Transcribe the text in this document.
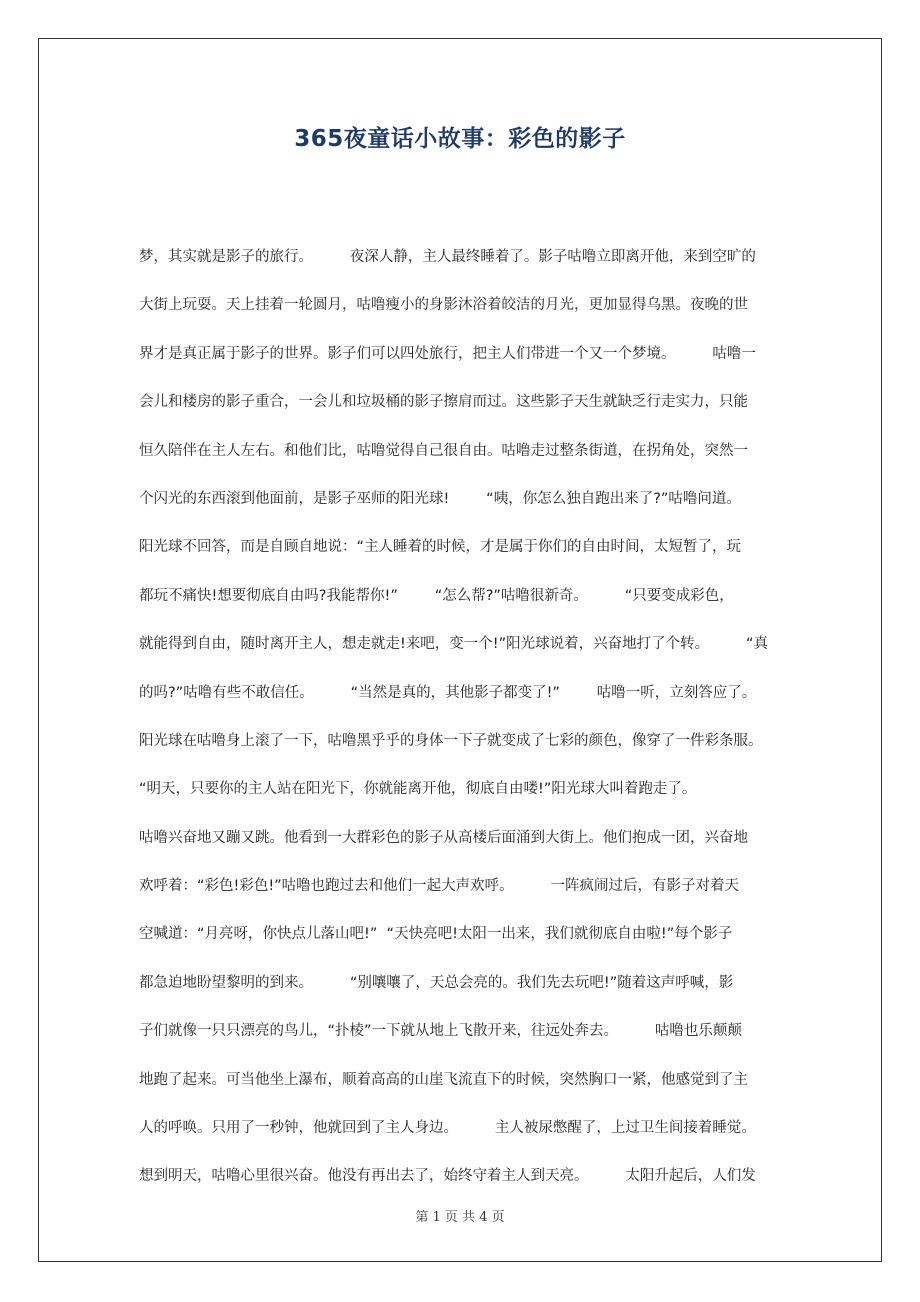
365夜童话小故事：彩色的影子
梦，其实就是影子的旅行。        夜深人静，主人最终睡着了。影子咕噜立即离开他，来到空旷的
大街上玩耍。天上挂着一轮圆月，咕噜瘦小的身影沐浴着皎洁的月光，更加显得乌黑。夜晚的世
界才是真正属于影子的世界。影子们可以四处旅行，把主人们带进一个又一个梦境。        咕噜一
会儿和楼房的影子重合，一会儿和垃圾桶的影子擦肩而过。这些影子天生就缺乏行走实力，只能
恒久陪伴在主人左右。和他们比，咕噜觉得自己很自由。咕噜走过整条街道，在拐角处，突然一
个闪光的东西滚到他面前，是影子巫师的阳光球!        “咦，你怎么独自跑出来了?”咕噜问道。
阳光球不回答，而是自顾自地说：“主人睡着的时候，才是属于你们的自由时间，太短暂了，玩
都玩不痛快!想要彻底自由吗?我能帮你!”        “怎么帮?”咕噜很新奇。        “只要变成彩色，
就能得到自由，随时离开主人，想走就走!来吧，变一个!”阳光球说着，兴奋地打了个转。        “真
的吗?”咕噜有些不敢信任。        “当然是真的，其他影子都变了!”        咕噜一听，立刻答应了。
阳光球在咕噜身上滚了一下，咕噜黑乎乎的身体一下子就变成了七彩的颜色，像穿了一件彩条服。
“明天，只要你的主人站在阳光下，你就能离开他，彻底自由喽!”阳光球大叫着跑走了。
咕噜兴奋地又蹦又跳。他看到一大群彩色的影子从高楼后面涌到大街上。他们抱成一团，兴奋地
欢呼着：“彩色!彩色!”咕噜也跑过去和他们一起大声欢呼。        一阵疯闹过后，有影子对着天
空喊道：“月亮呀，你快点儿落山吧!”  “天快亮吧!太阳一出来，我们就彻底自由啦!”每个影子
都急迫地盼望黎明的到来。        “别嚷嚷了，天总会亮的。我们先去玩吧!”随着这声呼喊，影
子们就像一只只漂亮的鸟儿，“扑棱”一下就从地上飞散开来，往远处奔去。        咕噜也乐颠颠
地跑了起来。可当他坐上瀑布，顺着高高的山崖飞流直下的时候，突然胸口一紧，他感觉到了主
人的呼唤。只用了一秒钟，他就回到了主人身边。        主人被尿憋醒了，上过卫生间接着睡觉。
想到明天，咕噜心里很兴奋。他没有再出去了，始终守着主人到天亮。        太阳升起后，人们发
第 1 页 共 4 页
